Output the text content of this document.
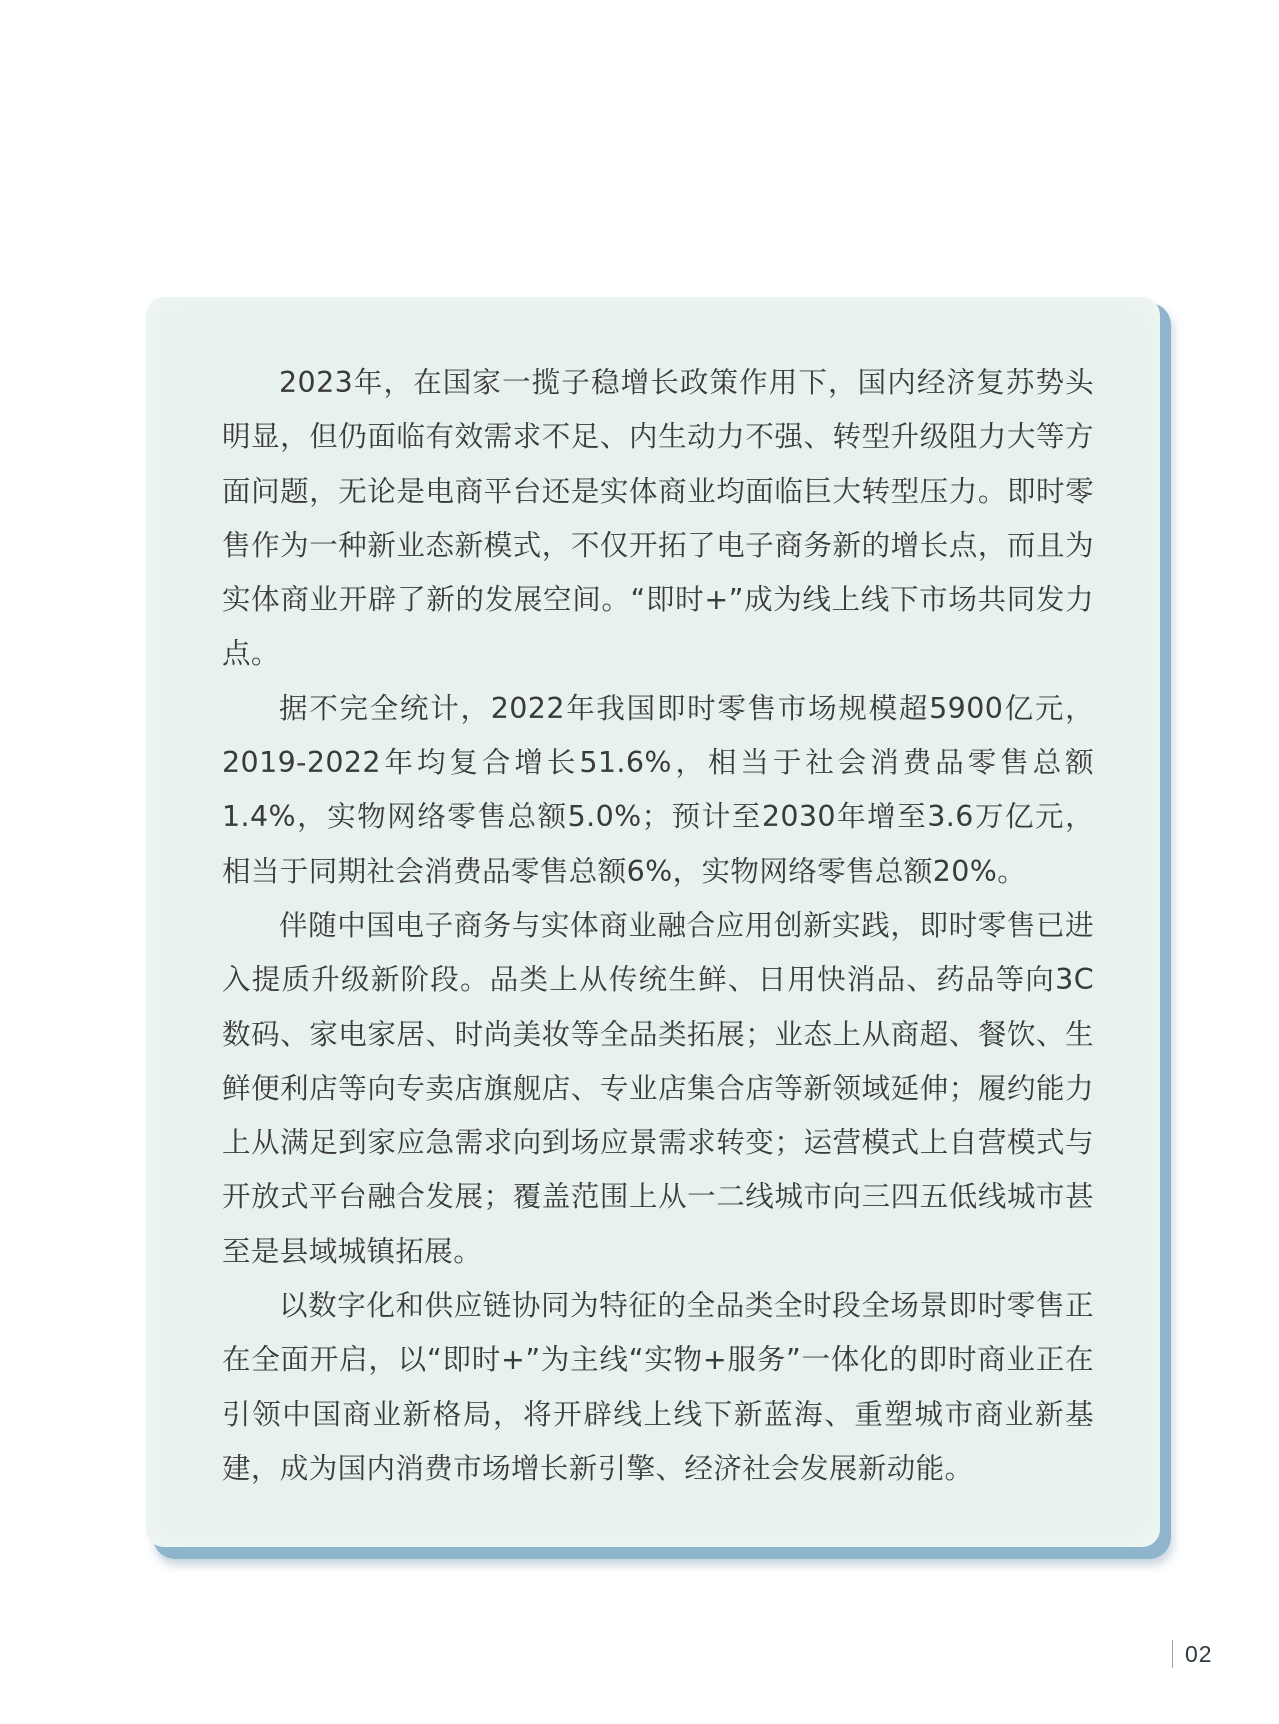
2023年，在国家一揽子稳增长政策作用下，国内经济复苏势头明显，但仍面临有效需求不足、内生动力不强、转型升级阻力大等方面问题，无论是电商平台还是实体商业均面临巨大转型压力。即时零售作为一种新业态新模式，不仅开拓了电子商务新的增长点，而且为实体商业开辟了新的发展空间。“即时+”成为线上线下市场共同发力点。

据不完全统计，2022年我国即时零售市场规模超5900亿元，2019-2022年均复合增长51.6%，相当于社会消费品零售总额1.4%，实物网络零售总额5.0%；预计至2030年增至3.6万亿元，相当于同期社会消费品零售总额6%，实物网络零售总额20%。

伴随中国电子商务与实体商业融合应用创新实践，即时零售已进入提质升级新阶段。品类上从传统生鲜、日用快消品、药品等向3C数码、家电家居、时尚美妆等全品类拓展；业态上从商超、餐饮、生鲜便利店等向专卖店旗舰店、专业店集合店等新领域延伸；履约能力上从满足到家应急需求向到场应景需求转变；运营模式上自营模式与开放式平台融合发展；覆盖范围上从一二线城市向三四五低线城市甚至是县域城镇拓展。

以数字化和供应链协同为特征的全品类全时段全场景即时零售正在全面开启，以“即时+”为主线“实物+服务”一体化的即时商业正在引领中国商业新格局，将开辟线上线下新蓝海、重塑城市商业新基建，成为国内消费市场增长新引擎、经济社会发展新动能。

02
